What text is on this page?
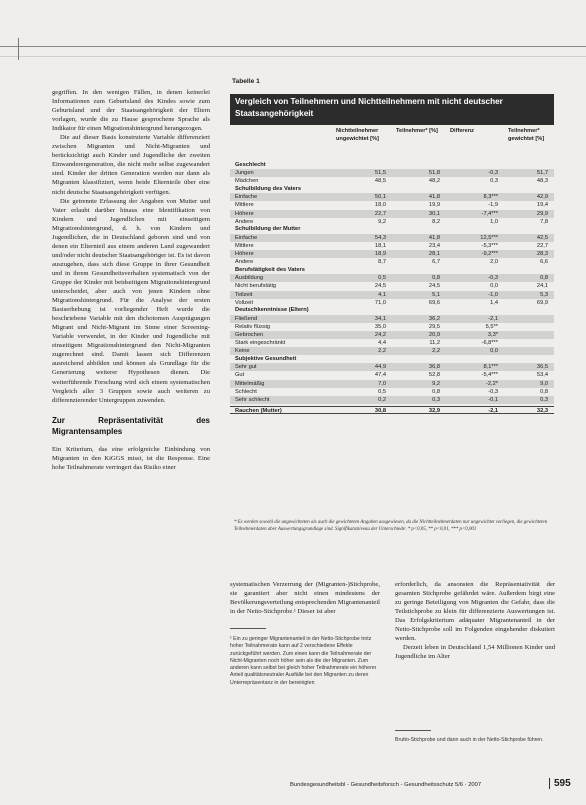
gegriffen. In den wenigen Fällen, in denen keinerlei Informationen zum Geburtsland des Kindes sowie zum Geburtsland und der Staatsangehörigkeit der Eltern vorlagen, wurde die zu Hause gesprochene Sprache als Indikator für einen Migrationshintergrund herangezogen.

Die auf dieser Basis konstruierte Variable differenziert zwischen Migranten und Nicht-Migranten und berücksichtigt auch Kinder und Jugendliche der zweiten Einwanderergeneration, die nicht mehr selbst zugewandert sind. Kinder der dritten Generation werden nur dann als Migranten klassifiziert, wenn beide Elternteile über eine nicht deutsche Staatsangehörigkeit verfügen.

Die getrennte Erfassung der Angaben von Mutter und Vater erlaubt darüber hinaus eine Identifikation von Kindern und Jugendlichen mit einseitigem Migrationshintergrund, d. h. von Kindern und Jugendlichen, die in Deutschland geboren sind und von denen ein Elternteil aus einem anderen Land zugewandert und/oder nicht deutscher Staatsangehöriger ist. Es ist davon auszugehen, dass sich diese Gruppe in ihrer Gesundheit und in ihrem Gesundheitsverhalten systematisch von der Gruppe der Kinder mit beidseitigem Migrationshintergrund unterscheidet, aber auch von jenen Kindern ohne Migrationshintergrund. Für die Analyse der ersten Basiserhebung ist vorliegender Heft wurde die beschriebene Variable mit den dichotomen Ausprägungen Migrant und Nicht-Migrant im Sinne einer Screening-Variable verwendet, in der Kinder und Jugendliche mit einseitigem Migrationshintergrund den Nicht-Migranten zugerechnet sind. Damit lassen sich Differenzen ausreichend abbilden und können als Grundlage für die Generierung weiterer Hypothesen dienen. Die weiterführende Forschung wird sich einem systematischen Vergleich aller 3 Gruppen sowie auch weiteren zu differenzierender Untergruppen zuwenden.

Zur Repräsentativität des Migrantensamples

Ein Kriterium, das eine erfolgreiche Einbindung von Migranten in den KiGGS misst, ist die Response. Eine hohe Teilnahmerate verringert das Risiko einer

Tabelle 1
Vergleich von Teilnehmern und Nichtteilnehmern mit nicht deutscher Staatsangehörigkeit
Nichtteilnehmer ungewichtet [%]
Teilnehmer* [%]	Differenz	Teilnehmer* gewichtet [%]
Geschlecht
Jungen	51,5	51,8	-0,3	51,7
Mädchen	48,5	48,2	0,3	48,3
Schulbildung des Vaters
Einfache	50,1	41,8	8,3***	42,9
Mittlere	18,0	19,9	-1,9	19,4
Höhere	22,7	30,1	-7,4***	29,9
Andere	9,2	8,2	1,0	7,8
Schulbildung der Mutter
Einfache	54,3	41,8	12,5***	42,5
Mittlere	18,1	23,4	-5,3***	22,7
Höhere	18,9	28,1	-9,2***	28,3
Andere	8,7	6,7	2,0	6,6
Berufstätigkeit des Vaters
Ausbildung	0,5	0,8	-0,3	0,8
Nicht berufstätig	24,5	24,5	0,0	24,1
Teilzeit	4,1	5,1	-1,0	5,3
Vollzeit	71,0	69,6	1,4	69,9
Deutschkenntnisse (Eltern)
Fließend	34,1	36,2	-2,1
Relativ flüssig	35,0	29,5	5,5**
Gebrochen	24,2	20,9	3,3*
Stark eingeschränkt	4,4	11,2	-6,8***
Keine	2,2	2,2	0,0
Subjektive Gesundheit
Sehr gut	44,9	36,8	8,1***	36,5
Gut	47,4	52,8	-5,4***	53,4
Mittelmäßig	7,0	9,2	-2,2*	9,0
Schlecht	0,5	0,8	-0,3	0,8
Sehr schlecht	0,2	0,3	-0,1	0,3
Rauchen (Mutter)	30,8	32,9	-2,1	32,3
* Es werden sowohl die ungewichteten als auch die gewichteten Angaben ausgewiesen, da die Nichtteilnehmerdaten nur ungewichtet vorliegen, die gewichteten Teilnehmerdaten aber Auswertungsgrundlage sind. Signifikanzniveau der Unterschiede: * p<0,05, ** p<0,01, *** p<0,001

systematischen Verzerrung der (Migranten-)Stichprobe, sie garantiert aber nicht einen mindestens der Bevölkerungsverteilung entsprechenden Migrantenanteil in der Netto-Stichprobe.¹ Dieser ist aber

¹ Ein zu geringer Migrantenanteil in der Netto-Stichprobe trotz hoher Teilnahmerate kann auf 2 verschiedene Effekte zurückgeführt werden. Zum einen kann die Teilnahmerate der Nicht-Migranten noch höher sein als die der Migranten. Zum anderen kann selbst bei gleich hoher Teilnahmerate ein höherer Anteil qualitätsneutraler Ausfälle bei den Migranten zu deren Unterrepräsentanz in der bereinigten

erforderlich, da ansonsten die Repräsentativität der gesamten Stichprobe gefährdet wäre. Außerdem birgt eine zu geringe Beteiligung von Migranten die Gefahr, dass die Teilstichprobe zu klein für differenzierte Auswertungen ist. Das Erfolgskriterium adäquater Migrantenanteil in der Netto-Stichprobe soll im Folgenden eingehender diskutiert werden.

Derzeit leben in Deutschland 1,54 Millionen Kinder und Jugendliche im Alter

Brutto-Stichprobe und dann auch in der Netto-Stichprobe führen.
Bundesgesundheitsbl - Gesundheitsforsch - Gesundheitsschutz 5/6 · 2007	595
